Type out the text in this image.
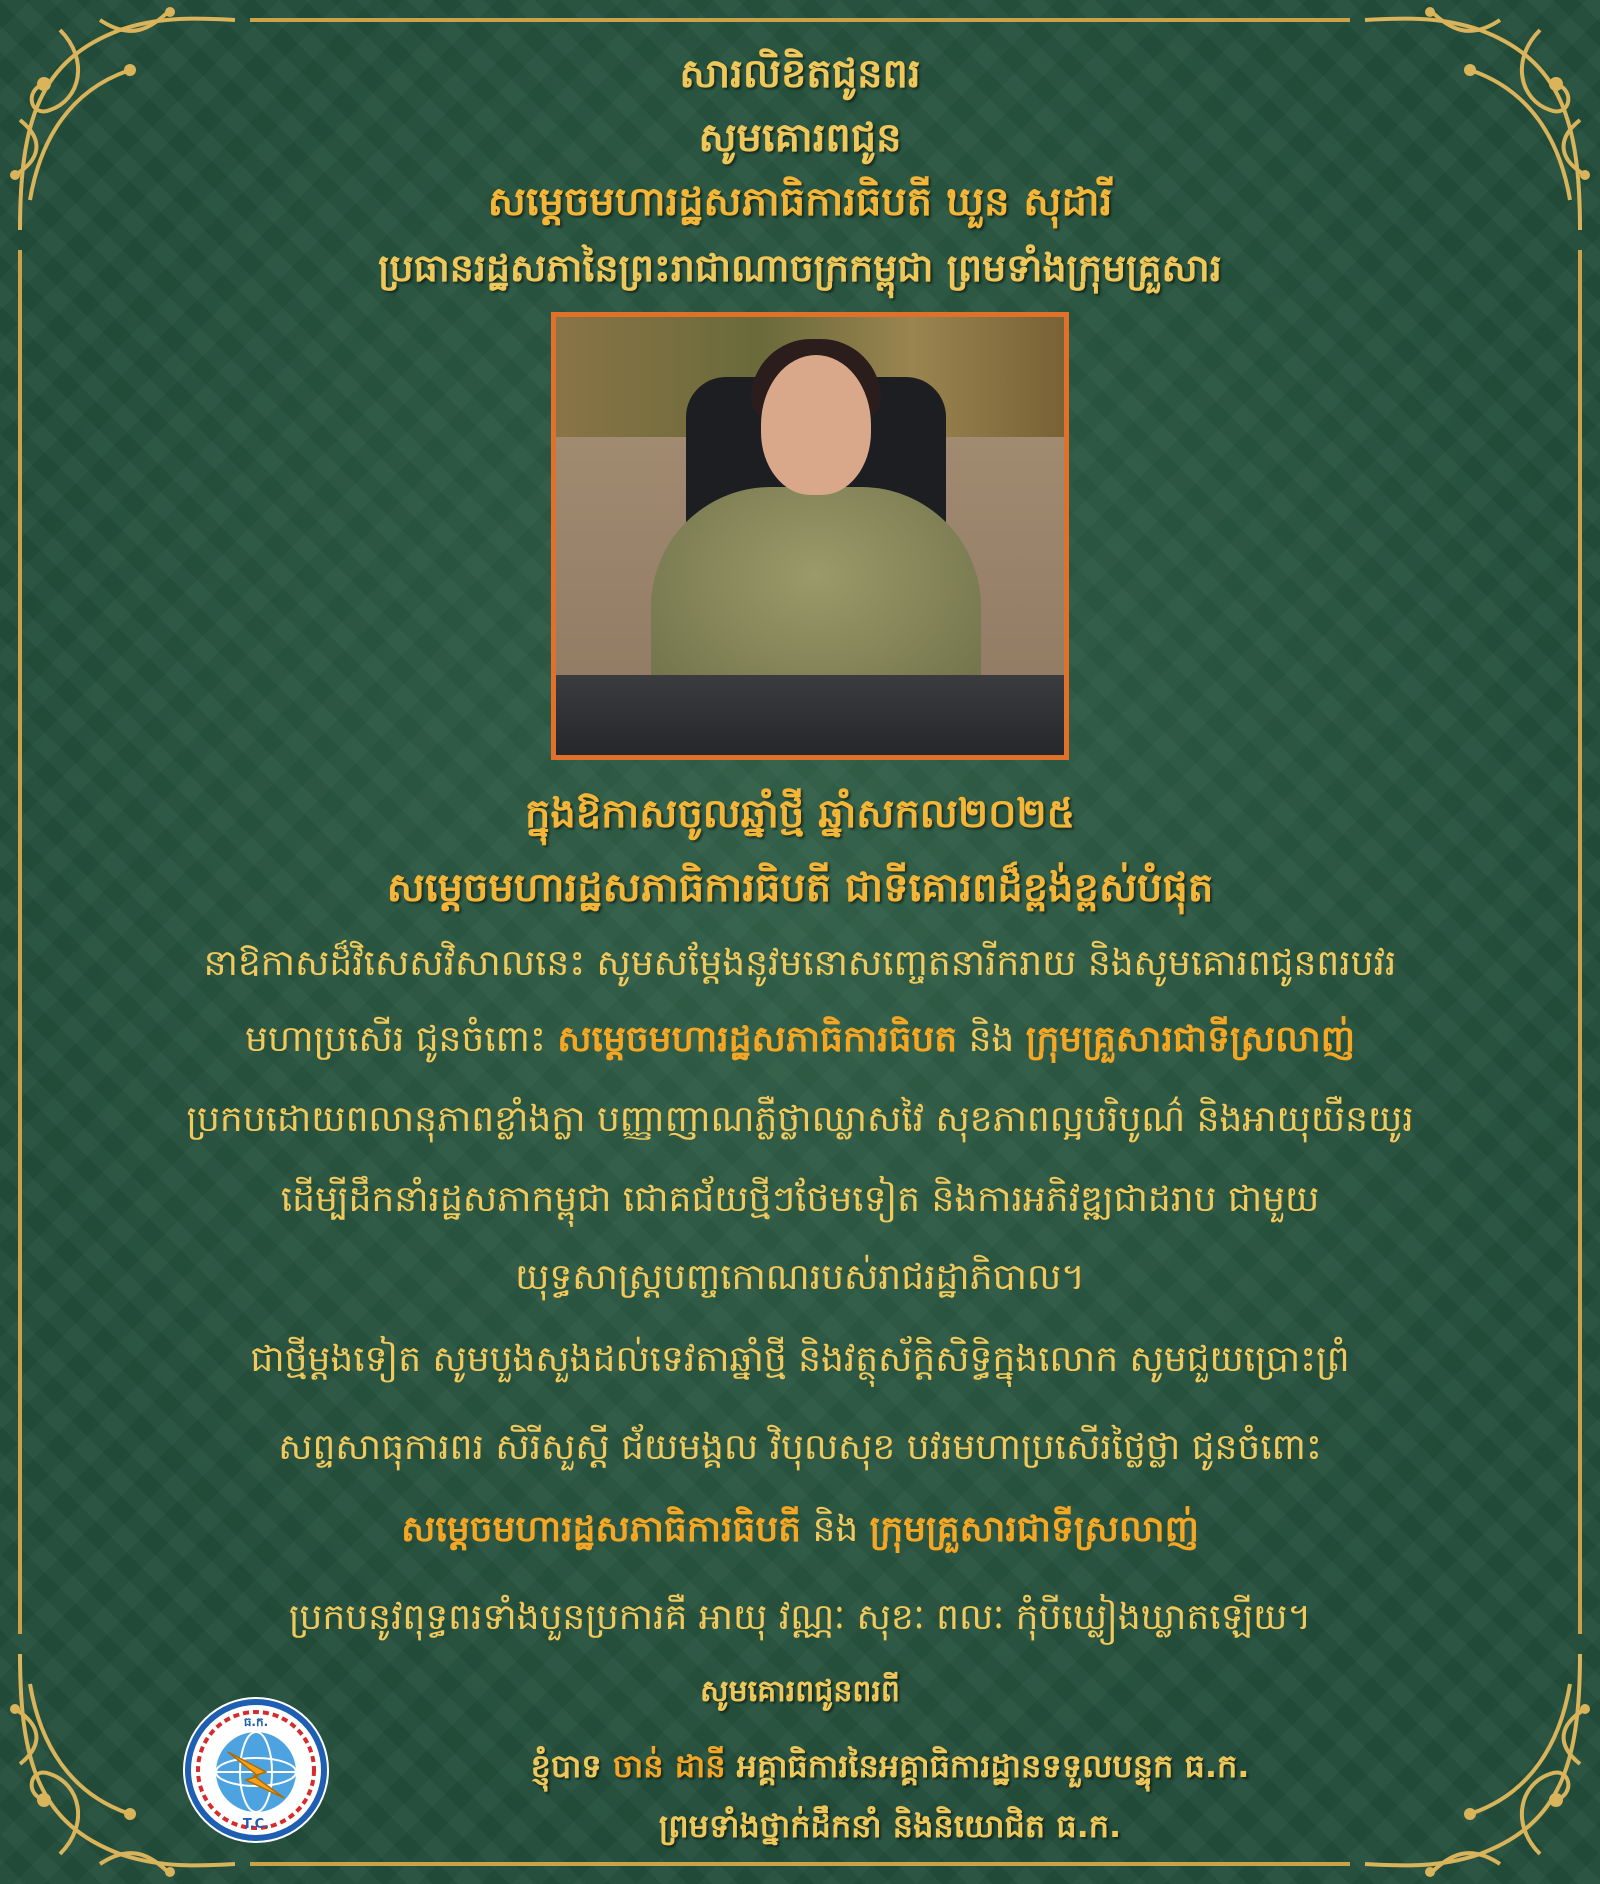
សារលិខិតជូនពរ
សូមគោរពជូន
សម្តេចមហារដ្ឋសភាធិការធិបតី ឃួន សុដារី
ប្រធានរដ្ឋសភានៃព្រះរាជាណាចក្រកម្ពុជា ព្រមទាំងក្រុមគ្រួសារ
ក្នុងឱកាសចូលឆ្នាំថ្មី ឆ្នាំសកល២០២៥
សម្តេចមហារដ្ឋសភាធិការធិបតី ជាទីគោរពដ៏ខ្ពង់ខ្ពស់បំផុត
នាឱកាសដ៏វិសេសវិសាលនេះ សូមសម្តែងនូវមនោសញ្ចេតនារីករាយ និងសូមគោរពជូនពរបវរ
មហាប្រសើរ ជូនចំពោះ សម្តេចមហារដ្ឋសភាធិការធិបត និង ក្រុមគ្រួសារជាទីស្រលាញ់
ប្រកបដោយពលានុភាពខ្លាំងក្លា បញ្ញាញាណភ្លឺថ្លាឈ្លាសវៃ សុខភាពល្អបរិបូណ៌ និងអាយុយឺនយូរ
ដើម្បីដឹកនាំរដ្ឋសភាកម្ពុជា ជោគជ័យថ្មីៗថែមទៀត និងការអភិវឌ្ឍជាដរាប ជាមួយ
យុទ្ធសាស្ត្របញ្ចកោណរបស់រាជរដ្ឋាភិបាល។
ជាថ្មីម្តងទៀត សូមបួងសួងដល់ទេវតាឆ្នាំថ្មី និងវត្ថុស័ក្តិសិទ្ធិក្នុងលោក សូមជួយប្រោះព្រំ
សព្ទសាធុការពរ សិរីសួស្តី ជ័យមង្គល វិបុលសុខ បវរមហាប្រសើរថ្លៃថ្លា ជូនចំពោះ
សម្តេចមហារដ្ឋសភាធិការធិបតី និង ក្រុមគ្រួសារជាទីស្រលាញ់
ប្រកបនូវពុទ្ធពរទាំងបួនប្រការគឺ អាយុ វណ្ណៈ សុខៈ ពលៈ កុំបីឃ្លៀងឃ្លាតឡើយ។
សូមគោរពជូនពរពី
ធ.ក.
T.C.
ខ្ញុំបាទ ចាន់ ដានី អគ្គាធិការនៃអគ្គាធិការដ្ឋានទទួលបន្ទុក ធ.ក.
ព្រមទាំងថ្នាក់ដឹកនាំ និងនិយោជិត ធ.ក.
